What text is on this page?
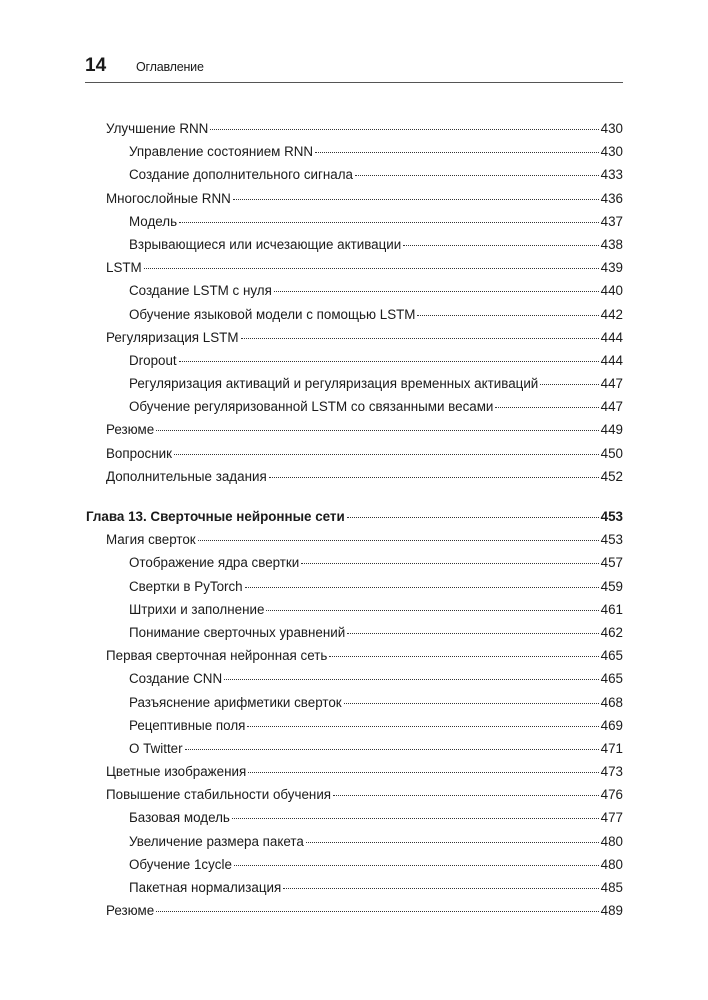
14 Оглавление
Улучшение RNN	430
Управление состоянием RNN	430
Создание дополнительного сигнала	433
Многослойные RNN	436
Модель	437
Взрывающиеся или исчезающие активации	438
LSTM	439
Создание LSTM с нуля	440
Обучение языковой модели с помощью LSTM	442
Регуляризация LSTM	444
Dropout	444
Регуляризация активаций и регуляризация временных активаций	447
Обучение регуляризованной LSTM со связанными весами	447
Резюме	449
Вопросник	450
Дополнительные задания	452
Глава 13. Сверточные нейронные сети	453
Магия сверток	453
Отображение ядра свертки	457
Свертки в PyTorch	459
Штрихи и заполнение	461
Понимание сверточных уравнений	462
Первая сверточная нейронная сеть	465
Создание CNN	465
Разъяснение арифметики сверток	468
Рецептивные поля	469
О Twitter	471
Цветные изображения	473
Повышение стабильности обучения	476
Базовая модель	477
Увеличение размера пакета	480
Обучение 1cycle	480
Пакетная нормализация	485
Резюме	489
